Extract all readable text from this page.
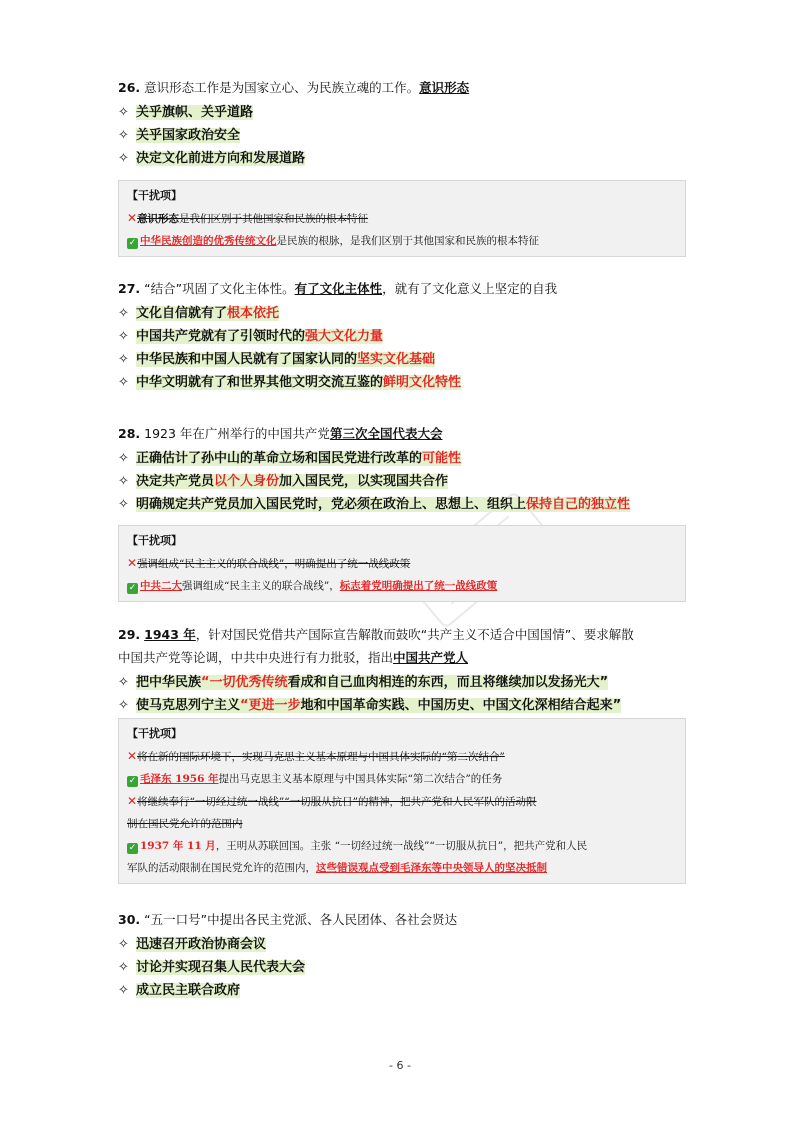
26. 意识形态工作是为国家立心、为民族立魂的工作。意识形态
✧ 关乎旗帜、关乎道路
✧ 关乎国家政治安全
✧ 决定文化前进方向和发展道路
【干扰项】
✕意识形态是我们区别于其他国家和民族的根本特征
✓ 中华民族创造的优秀传统文化是民族的根脉，是我们区别于其他国家和民族的根本特征
27. “结合”巩固了文化主体性。有了文化主体性，就有了文化意义上坚定的自我
✧ 文化自信就有了根本依托
✧ 中国共产党就有了引领时代的强大文化力量
✧ 中华民族和中国人民就有了国家认同的坚实文化基础
✧ 中华文明就有了和世界其他文明交流互鉴的鲜明文化特性
28. 1923 年在广州举行的中国共产党第三次全国代表大会
✧ 正确估计了孙中山的革命立场和国民党进行改革的可能性
✧ 决定共产党员以个人身份加入国民党，以实现国共合作
✧ 明确规定共产党员加入国民党时，党必须在政治上、思想上、组织上保持自己的独立性
【干扰项】
✕强调组成“民主主义的联合战线”，明确提出了统一战线政策
✓ 中共二大强调组成“民主主义的联合战线”，标志着党明确提出了统一战线政策
29. 1943 年，针对国民党借共产国际宣告解散而鼓吹“共产主义不适合中国国情”、要求解散
中国共产党等论调，中共中央进行有力批驳，指出中国共产党人
✧ 把中华民族“一切优秀传统看成和自己血肉相连的东西，而且将继续加以发扬光大”
✧ 使马克思列宁主义“更进一步地和中国革命实践、中国历史、中国文化深相结合起来”
【干扰项】
✕将在新的国际环境下，实现马克思主义基本原理与中国具体实际的“第二次结合”
✓ 毛泽东 1956 年提出马克思主义基本原理与中国具体实际“第二次结合”的任务
✕将继续奉行“一切经过统一战线”“一切服从抗日”的精神，把共产党和人民军队的活动限
制在国民党允许的范围内
✓ 1937 年 11 月，王明从苏联回国。主张 “一切经过统一战线”“一切服从抗日”，把共产党和人民
军队的活动限制在国民党允许的范围内，这些错误观点受到毛泽东等中央领导人的坚决抵制
30. “五一口号”中提出各民主党派、各人民团体、各社会贤达
✧ 迅速召开政治协商会议
✧ 讨论并实现召集人民代表大会
✧ 成立民主联合政府
- 6 -
